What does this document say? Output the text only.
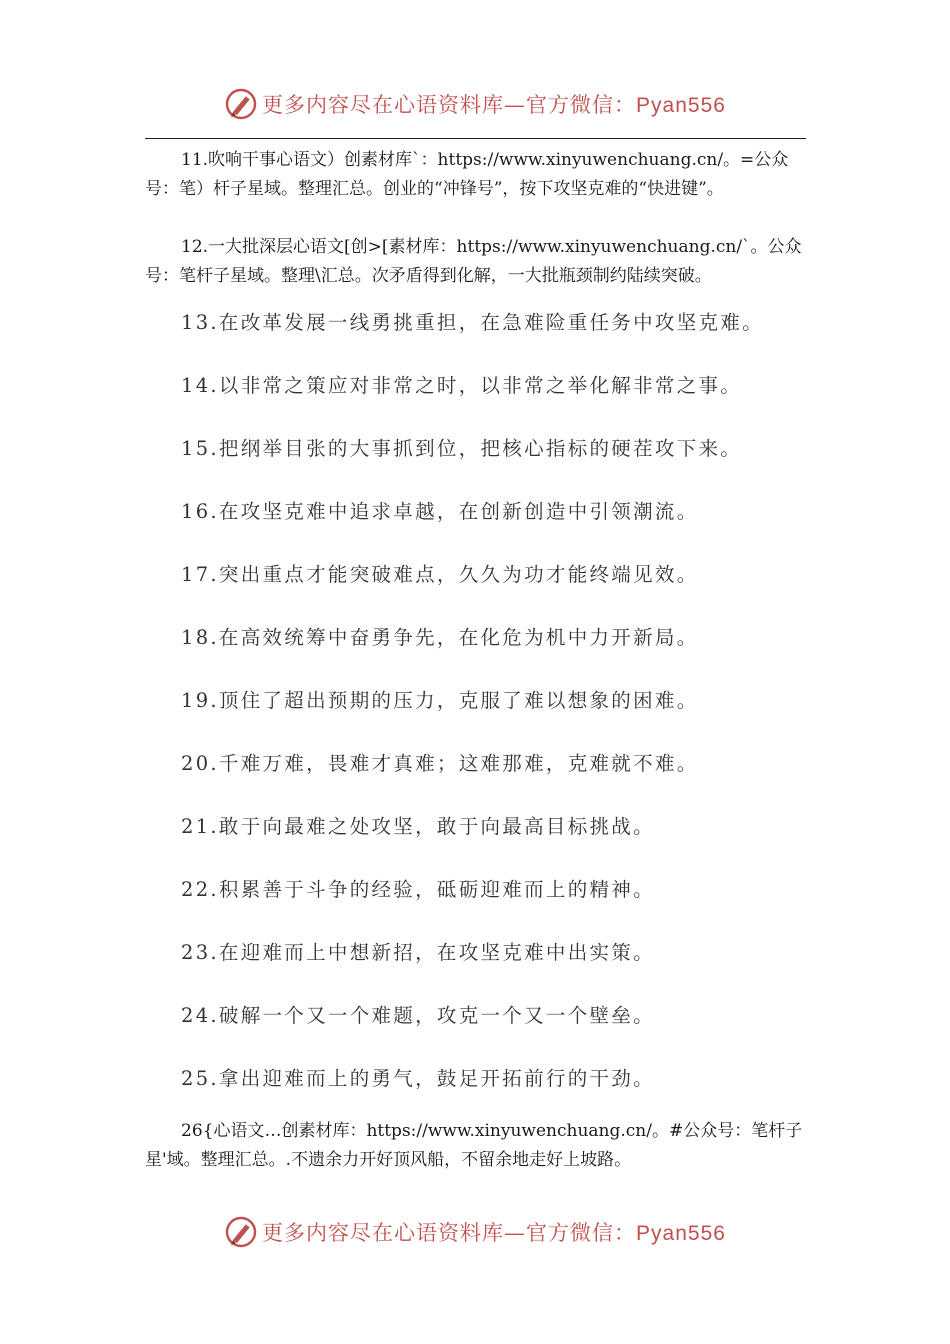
更多内容尽在心语资料库—官方微信：Pyan556

11.吹响干事心语文）创素材库`：https://www.xinyuwenchuang.cn/。=公众号：笔）杆子星域。整理汇总。创业的“冲锋号”，按下攻坚克难的“快进键”。

12.一大批深层心语文[创>[素材库：https://www.xinyuwenchuang.cn/`。公众号：笔杆子星域。整理\汇总。次矛盾得到化解，一大批瓶颈制约陆续突破。

13.在改革发展一线勇挑重担，在急难险重任务中攻坚克难。

14.以非常之策应对非常之时，以非常之举化解非常之事。

15.把纲举目张的大事抓到位，把核心指标的硬茬攻下来。

16.在攻坚克难中追求卓越，在创新创造中引领潮流。

17.突出重点才能突破难点，久久为功才能终端见效。

18.在高效统筹中奋勇争先，在化危为机中力开新局。

19.顶住了超出预期的压力，克服了难以想象的困难。

20.千难万难，畏难才真难；这难那难，克难就不难。

21.敢于向最难之处攻坚，敢于向最高目标挑战。

22.积累善于斗争的经验，砥砺迎难而上的精神。

23.在迎难而上中想新招，在攻坚克难中出实策。

24.破解一个又一个难题，攻克一个又一个壁垒。

25.拿出迎难而上的勇气，鼓足开拓前行的干劲。

26{心语文…创素材库：https://www.xinyuwenchuang.cn/。#公众号：笔杆子星'域。整理汇总。.不遗余力开好顶风船，不留余地走好上坡路。

更多内容尽在心语资料库—官方微信：Pyan556
